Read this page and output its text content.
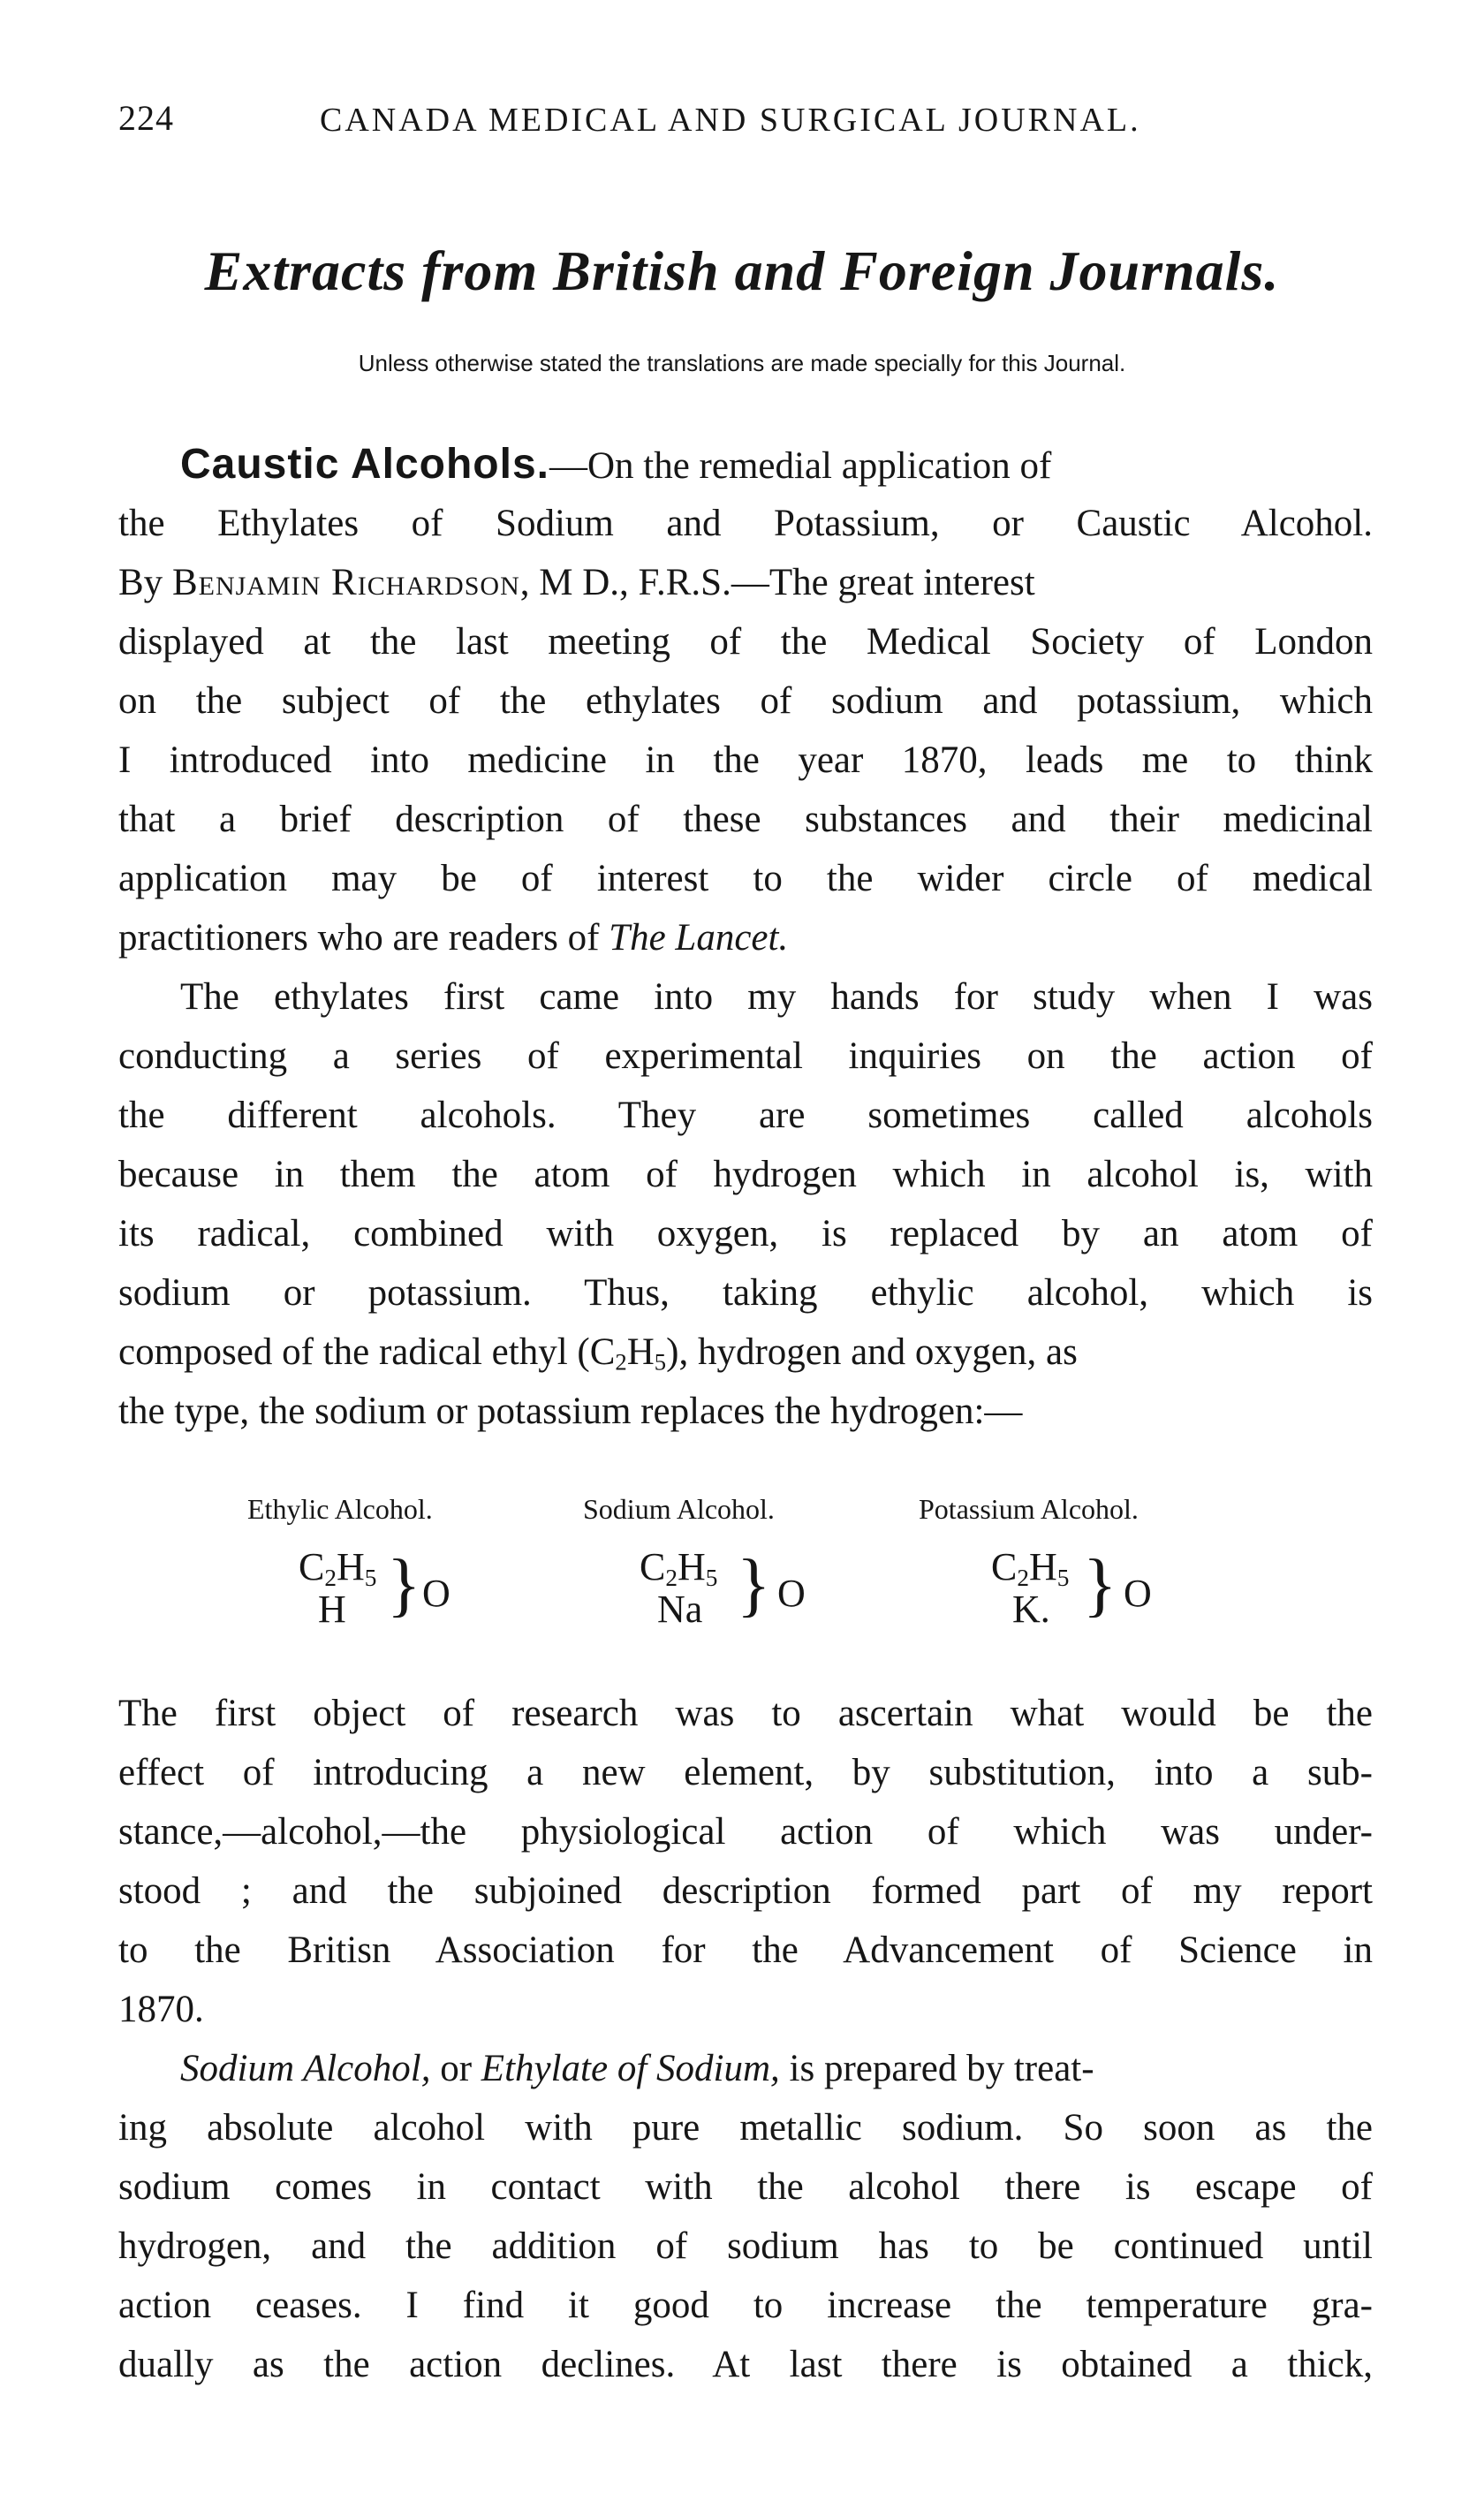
224	CANADA MEDICAL AND SURGICAL JOURNAL.
Extracts from British and Foreign Journals.
Unless otherwise stated the translations are made specially for this Journal.
Caustic Alcohols.—On the remedial application of
the Ethylates of Sodium and Potassium, or Caustic Alcohol.
By Benjamin Richardson, M D., F.R.S.—The great interest
displayed at the last meeting of the Medical Society of London
on the subject of the ethylates of sodium and potassium, which
I introduced into medicine in the year 1870, leads me to think
that a brief description of these substances and their medicinal
application may be of interest to the wider circle of medical
practitioners who are readers of The Lancet.
The ethylates first came into my hands for study when I was
conducting a series of experimental inquiries on the action of
the different alcohols. They are sometimes called alcohols
because in them the atom of hydrogen which in alcohol is, with
its radical, combined with oxygen, is replaced by an atom of
sodium or potassium. Thus, taking ethylic alcohol, which is
composed of the radical ethyl $(C_2H_5)$, hydrogen and oxygen, as
the type, the sodium or potassium replaces the hydrogen:—
Ethylic Alcohol.
$C_2H_5$
H } O
Sodium Alcohol.
$C_2H_5$
Na } O
Potassium Alcohol.
$C_2H_5$
K. } O
The first object of research was to ascertain what would be the
effect of introducing a new element, by substitution, into a sub-
stance,—alcohol,—the physiological action of which was under-
stood ; and the subjoined description formed part of my report
to the Britisn Association for the Advancement of Science in
1870.
Sodium Alcohol, or Ethylate of Sodium, is prepared by treat-
ing absolute alcohol with pure metallic sodium. So soon as the
sodium comes in contact with the alcohol there is escape of
hydrogen, and the addition of sodium has to be continued until
action ceases. I find it good to increase the temperature gra-
dually as the action declines. At last there is obtained a thick,
